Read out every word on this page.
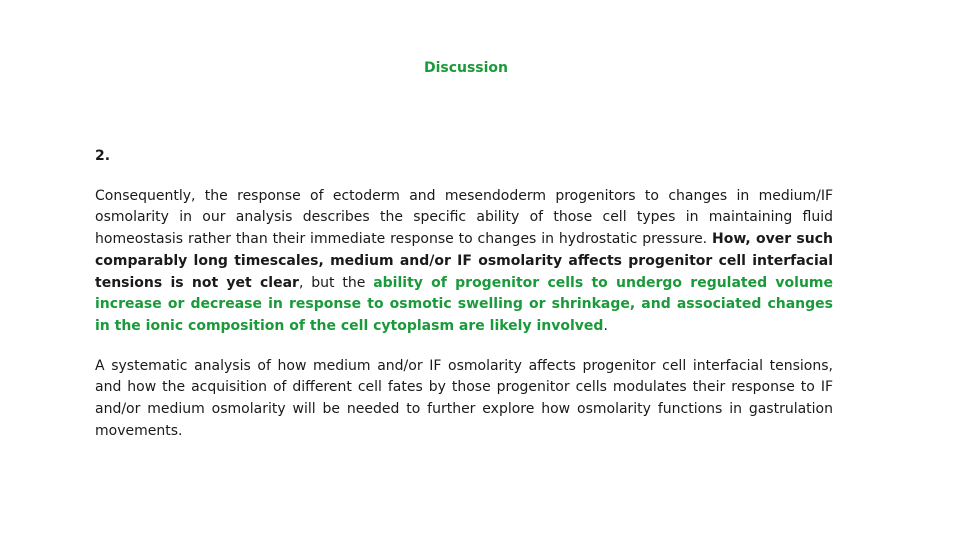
Discussion

2.

Consequently, the response of ectoderm and mesendoderm progenitors to changes in medium/IF osmolarity in our analysis describes the specific ability of those cell types in maintaining fluid homeostasis rather than their immediate response to changes in hydrostatic pressure. How, over such comparably long timescales, medium and/or IF osmolarity affects progenitor cell interfacial tensions is not yet clear, but the ability of progenitor cells to undergo regulated volume increase or decrease in response to osmotic swelling or shrinkage, and associated changes in the ionic composition of the cell cytoplasm are likely involved.

A systematic analysis of how medium and/or IF osmolarity affects progenitor cell interfacial tensions, and how the acquisition of different cell fates by those progenitor cells modulates their response to IF and/or medium osmolarity will be needed to further explore how osmolarity functions in gastrulation movements.
